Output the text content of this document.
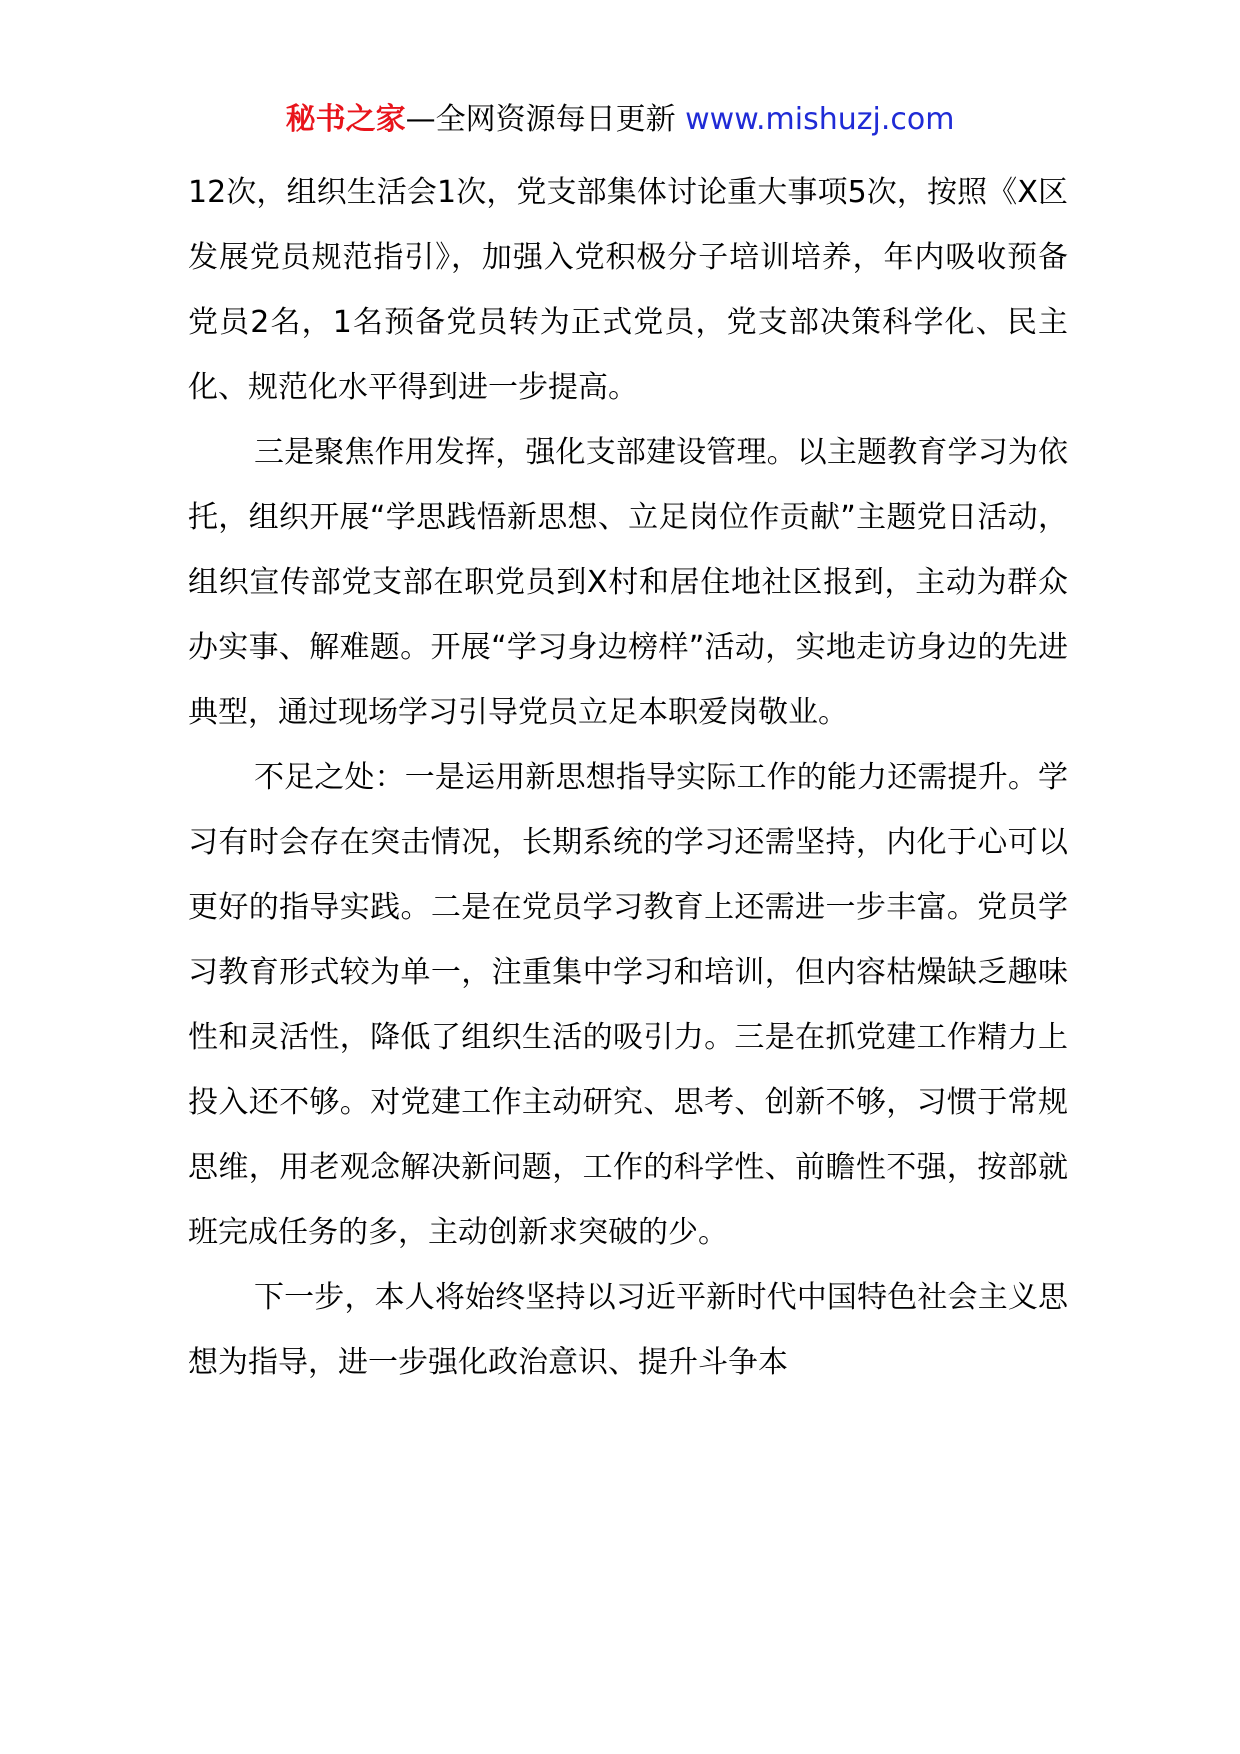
秘书之家—全网资源每日更新 www.mishuzj.com

12次，组织生活会1次，党支部集体讨论重大事项5次，按照《X区发展党员规范指引》，加强入党积极分子培训培养，年内吸收预备党员2名，1名预备党员转为正式党员，党支部决策科学化、民主化、规范化水平得到进一步提高。

三是聚焦作用发挥，强化支部建设管理。以主题教育学习为依托，组织开展“学思践悟新思想、立足岗位作贡献”主题党日活动，组织宣传部党支部在职党员到X村和居住地社区报到，主动为群众办实事、解难题。开展“学习身边榜样”活动，实地走访身边的先进典型，通过现场学习引导党员立足本职爱岗敬业。

不足之处：一是运用新思想指导实际工作的能力还需提升。学习有时会存在突击情况，长期系统的学习还需坚持，内化于心可以更好的指导实践。二是在党员学习教育上还需进一步丰富。党员学习教育形式较为单一，注重集中学习和培训，但内容枯燥缺乏趣味性和灵活性，降低了组织生活的吸引力。三是在抓党建工作精力上投入还不够。对党建工作主动研究、思考、创新不够，习惯于常规思维，用老观念解决新问题，工作的科学性、前瞻性不强，按部就班完成任务的多，主动创新求突破的少。

下一步，本人将始终坚持以习近平新时代中国特色社会主义思想为指导，进一步强化政治意识、提升斗争本
